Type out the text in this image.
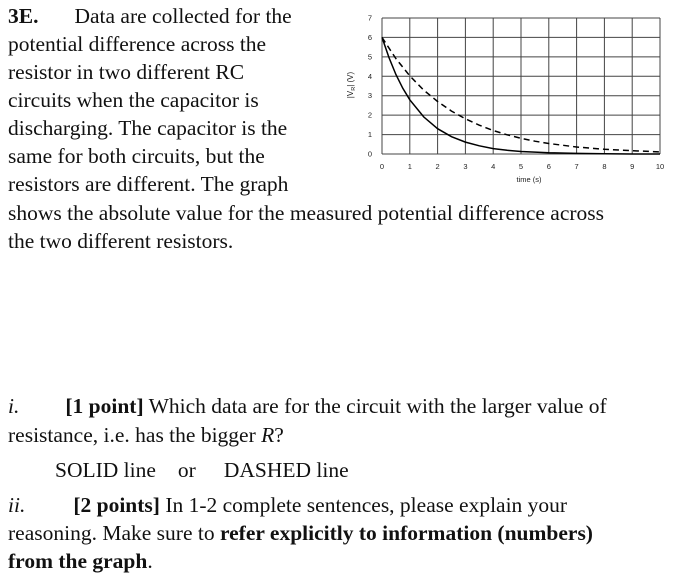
3E. Data are collected for the
potential difference across the
resistor in two different RC
circuits when the capacitor is
discharging. The capacitor is the
same for both circuits, but the
resistors are different. The graph
shows the absolute value for the measured potential difference across
the two different resistors.
0
1
2
3
4
5
6
7
0	1	2	3	4	5	6	7	8	9	10
time (s)
$|V_R|$ (V)
i. [1 point] Which data are for the circuit with the larger value of
resistance, i.e. has the bigger R?
SOLID line or DASHED line
ii. [2 points] In 1-2 complete sentences, please explain your
reasoning. Make sure to refer explicitly to information (numbers)
from the graph.
